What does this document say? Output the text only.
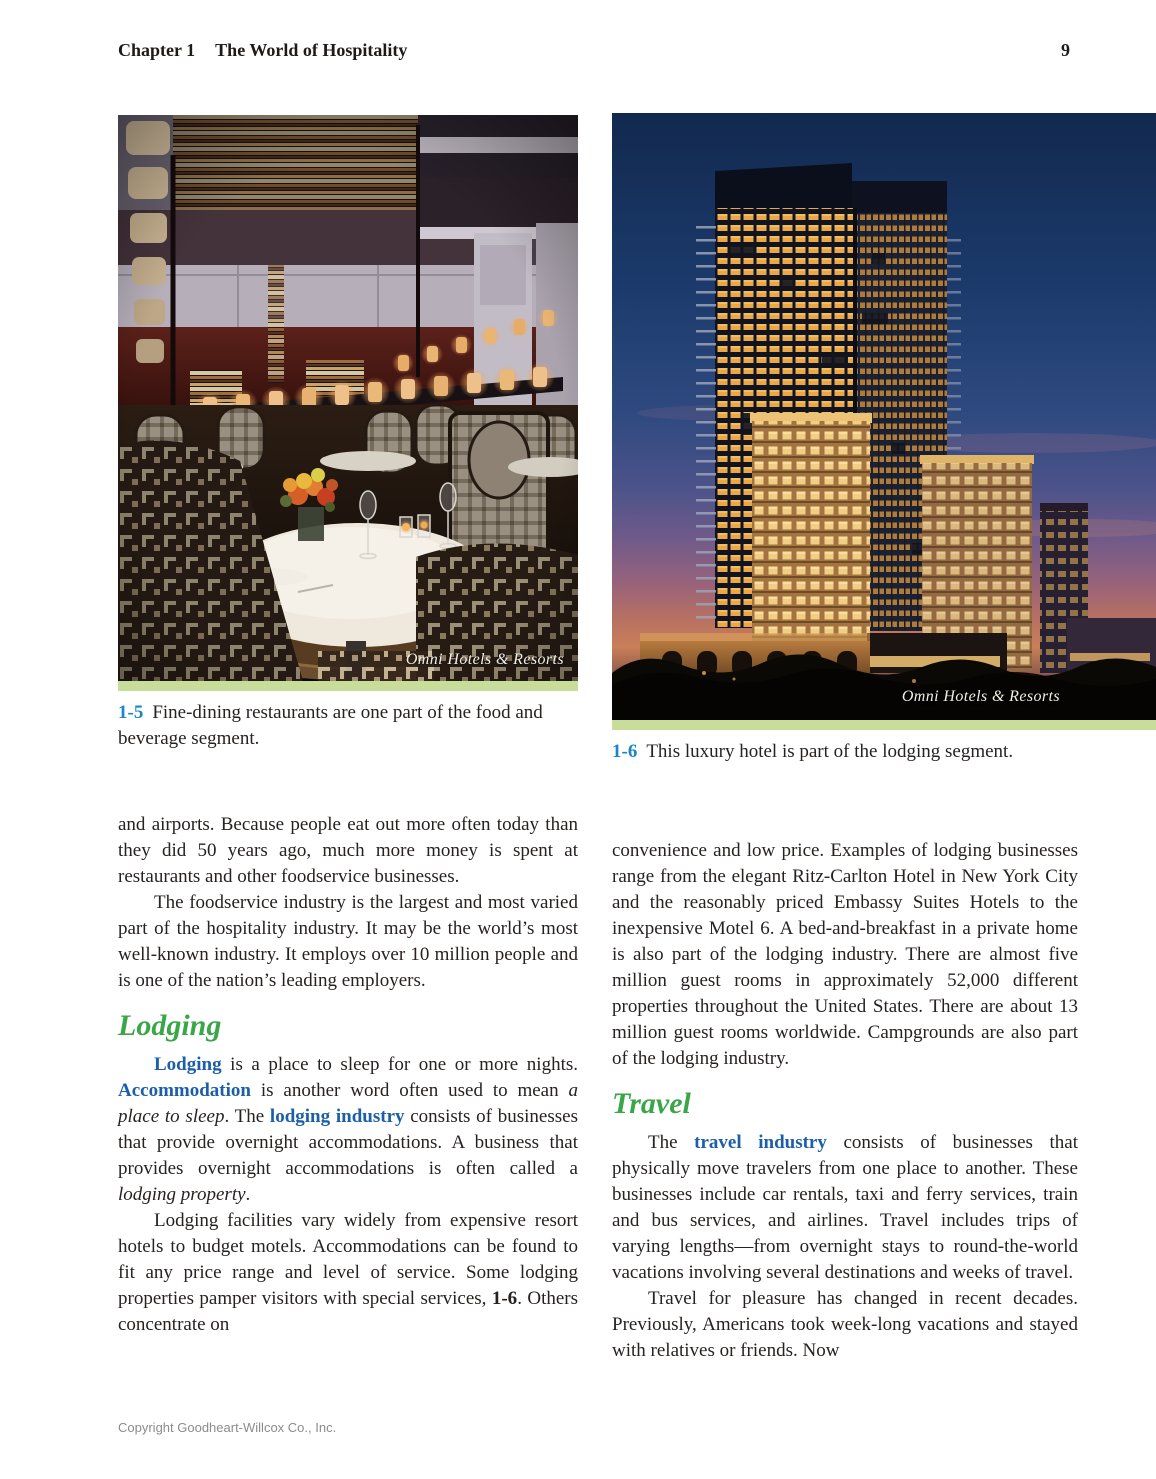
Chapter 1 The World of Hospitality	9
Omni Hotels & Resorts
1-5 Fine-dining restaurants are one part of the food and beverage segment.
Omni Hotels & Resorts
1-6 This luxury hotel is part of the lodging segment.

and airports. Because people eat out more often today than they did 50 years ago, much more money is spent at restaurants and other foodservice businesses.

The foodservice industry is the largest and most varied part of the hospitality industry. It may be the world’s most well-known industry. It employs over 10 million people and is one of the nation’s leading employers.

Lodging

Lodging is a place to sleep for one or more nights. Accommodation is another word often used to mean a place to sleep. The lodging industry consists of businesses that provide overnight accommodations. A business that provides overnight accommodations is often called a lodging property.

Lodging facilities vary widely from expensive resort hotels to budget motels. Accommodations can be found to fit any price range and level of service. Some lodging properties pamper visitors with special services, 1-6. Others concentrate on

convenience and low price. Examples of lodging businesses range from the elegant Ritz-Carlton Hotel in New York City and the reasonably priced Embassy Suites Hotels to the inexpensive Motel 6. A bed-and-breakfast in a private home is also part of the lodging industry. There are almost five million guest rooms in approximately 52,000 different properties throughout the United States. There are about 13 million guest rooms worldwide. Campgrounds are also part of the lodging industry.

Travel

The travel industry consists of businesses that physically move travelers from one place to another. These businesses include car rentals, taxi and ferry services, train and bus services, and airlines. Travel includes trips of varying lengths—from overnight stays to round-the-world vacations involving several destinations and weeks of travel.

Travel for pleasure has changed in recent decades. Previously, Americans took week-long vacations and stayed with relatives or friends. Now

Copyright Goodheart-Willcox Co., Inc.
